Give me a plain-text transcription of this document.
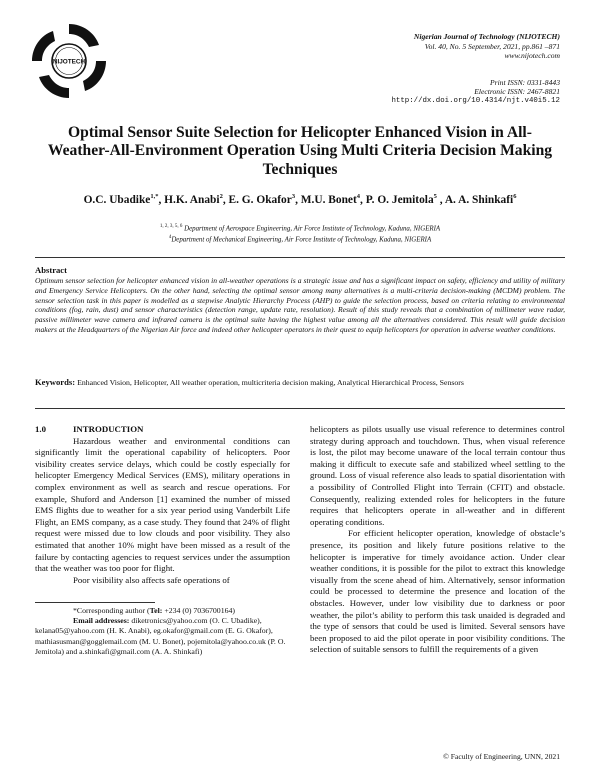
NIJOTECH
Nigerian Journal of Technology (NIJOTECH)
Vol. 40, No. 5 September, 2021, pp.861 –871
www.nijotech.com
Print ISSN: 0331-8443
Electronic ISSN: 2467-8821
http://dx.doi.org/10.4314/njt.v40i5.12
Optimal Sensor Suite Selection for Helicopter Enhanced Vision in All-Weather-All-Environment Operation Using Multi Criteria Decision Making Techniques
O.C. Ubadike$^{1,*}$, H.K. Anabi$^2$, E. G. Okafor$^3$, M.U. Bonet$^4$, P. O. Jemitola$^5$ , A. A. Shinkafi$^6$
$^{1, 2, 3, 5, 6}$ Department of Aerospace Engineering, Air Force Institute of Technology, Kaduna, NIGERIA
$^4$Department of Mechanical Engineering, Air Force Institute of Technology, Kaduna, NIGERIA
Abstract
Optimum sensor selection for helicopter enhanced vision in all-weather operations is a strategic issue and has a significant impact on safety, efficiency and utility of military and Emergency Service Helicopters. On the other hand, selecting the optimal sensor among many alternatives is a multi-criteria decision-making (MCDM) problem. The sensor selection task in this paper is modelled as a stepwise Analytic Hierarchy Process (AHP) to guide the selection process, based on criteria relating to environmental conditions (fog, rain, dust) and sensor characteristics (detection range, update rate, resolution). Result of this study reveals that a combination of millimeter wave radar, passive millimeter wave camera and infrared camera is the optimal suite having the highest value among all the alternatives considered. This result will guide decision makers at the Headquarters of the Nigerian Air force and indeed other helicopter operators in their quest to equip helicopters for operation in adverse weather conditions.
Keywords: Enhanced Vision, Helicopter, All weather operation, multicriteria decision making, Analytical Hierarchical Process, Sensors
1.0	INTRODUCTION

Hazardous weather and environmental conditions can significantly limit the operational capability of helicopters. Poor visibility creates service delays, which could be costly especially for helicopter Emergency Medical Services (EMS), military operations in complex environment as well as search and rescue operations. For example, Shuford and Anderson [1] examined the number of missed EMS flights due to weather for a six year period using Vanderbilt Life Flight, an EMS company, as a case study. They found that 24% of flight request were missed due to low clouds and poor visibility. They also estimated that another 10% might have been missed as a result of the failure by contacting agencies to request services under the assumption that the weather was too poor for flight.

Poor visibility also affects safe operations of

*Corresponding author (Tel: +234 (0) 7036700164)
Email addresses: diketronics@yahoo.com (O. C. Ubadike), kelana05@yahoo.com (H. K. Anabi), eg.okafor@gmail.com (E. G. Okafor), mathiasusman@gogglemail.com (M. U. Bonet), pojemitola@yahoo.co.uk (P. O. Jemitola) and a.shinkafi@gmail.com (A. A. Shinkafi)

helicopters as pilots usually use visual reference to determines control strategy during approach and touchdown. Thus, when visual reference is lost, the pilot may become unaware of the local terrain contour thus making it difficult to execute safe and stabilized wheel settling to the ground. Loss of visual reference also leads to spatial disorientation with a possibility of Controlled Flight into Terrain (CFIT) and obstacle. Consequently, realizing extended roles for helicopters in the future requires that helicopters operate in all-weather and in different operating conditions.

For efficient helicopter operation, knowledge of obstacle’s presence, its position and likely future positions relative to the helicopter is imperative for timely avoidance action. Under clear weather conditions, it is possible for the pilot to extract this knowledge visually from the scene ahead of him. Alternatively, sensor information could be processed to determine the presence and location of the obstacles. However, under low visibility due to darkness or poor weather, the pilot’s ability to perform this task unaided is degraded and the type of sensors that could be used is limited. Several sensors have been proposed to aid the pilot operate in poor visibility conditions. The selection of suitable sensors to fulfill the requirements of a given

© Faculty of Engineering, UNN, 2021
